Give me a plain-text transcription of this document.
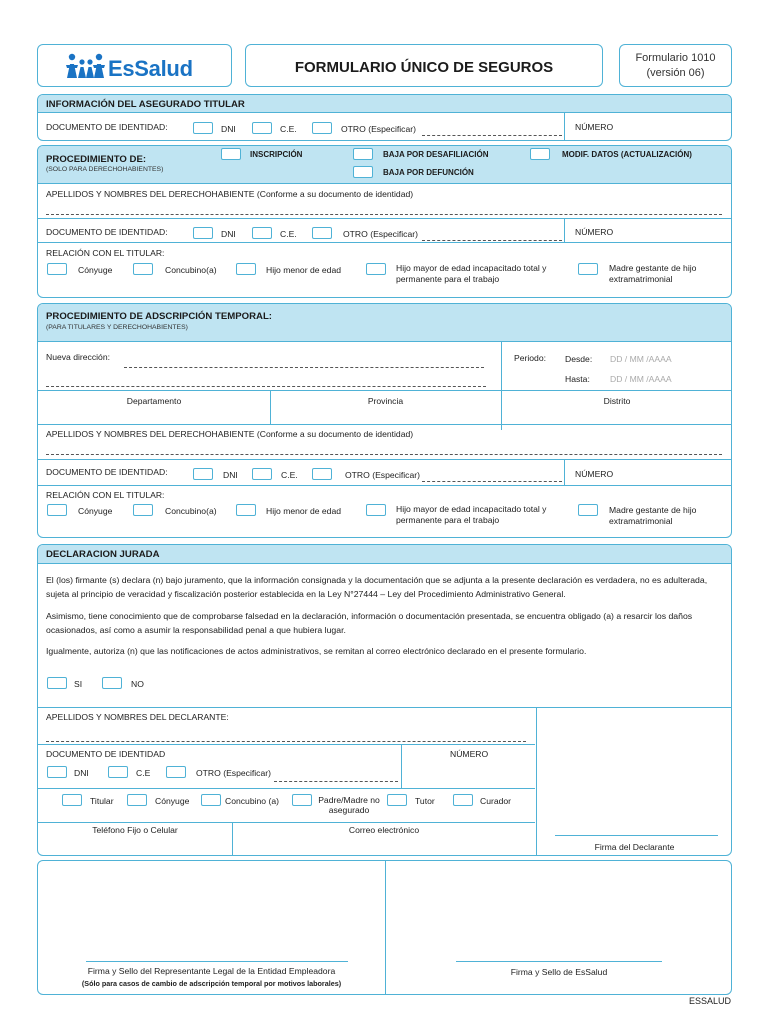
EsSalud	FORMULARIO ÚNICO DE SEGUROS
Formulario 1010
(versión 06)
INFORMACIÓN DEL ASEGURADO TITULAR
DOCUMENTO DE IDENTIDAD:	DNI	C.E.	OTRO (Especificar)	NÚMERO
PROCEDIMIENTO DE:
(SOLO PARA DERECHOHABIENTES)
INSCRIPCIÓN	BAJA POR DESAFILIACIÓN
BAJA POR DEFUNCIÓN
MODIF. DATOS (ACTUALIZACIÓN)
APELLIDOS Y NOMBRES DEL DERECHOHABIENTE (Conforme a su documento de identidad)
DOCUMENTO DE IDENTIDAD:	DNI	C.E.	OTRO (Especificar)	NÚMERO
RELACIÓN CON EL TITULAR:
Cónyuge	Concubino(a)	Hijo menor de edad	Hijo mayor de edad incapacitado total y permanente para el trabajo
Madre gestante de hijo extramatrimonial
PROCEDIMIENTO DE ADSCRIPCIÓN TEMPORAL:
(PARA TITULARES Y DERECHOHABIENTES)
Nueva dirección:	Periodo: Desde: DD / MM /AAAA
Hasta: DD / MM /AAAA
Departamento	Provincia	Distrito
APELLIDOS Y NOMBRES DEL DERECHOHABIENTE (Conforme a su documento de identidad)
DOCUMENTO DE IDENTIDAD:	DNI	C.E.	OTRO (Especificar)	NÚMERO
RELACIÓN CON EL TITULAR:
Cónyuge	Concubino(a)	Hijo menor de edad	Hijo mayor de edad incapacitado total y permanente para el trabajo
Madre gestante de hijo extramatrimonial
DECLARACION JURADA
El (los) firmante (s) declara (n) bajo juramento, que la información consignada y la documentación que se adjunta a la presente declaración es verdadera, no es adulterada, sujeta al principio de veracidad y fiscalización posterior establecida en la Ley N°27444 – Ley del Procedimiento Administrativo General.
Asimismo, tiene conocimiento que de comprobarse falsedad en la declaración, información o documentación presentada, se encuentra obligado (a) a resarcir los daños ocasionados, así como a asumir la responsabilidad penal a que hubiera lugar.
Igualmente, autoriza (n) que las notificaciones de actos administrativos, se remitan al correo electrónico declarado en el presente formulario.
SI	NO
APELLIDOS Y NOMBRES DEL DECLARANTE:
DOCUMENTO DE IDENTIDAD	NÚMERO
DNI	C.E	OTRO (Especificar)
Titular	Cónyuge	Concubino (a)	Padre/Madre no asegurado
Tutor	Curador
Teléfono Fijo o Celular	Correo electrónico
Firma del Declarante
Firma y Sello del Representante Legal de la Entidad Empleadora
(Sólo para casos de cambio de adscripción temporal por motivos laborales)
Firma y Sello de EsSalud
ESSALUD
